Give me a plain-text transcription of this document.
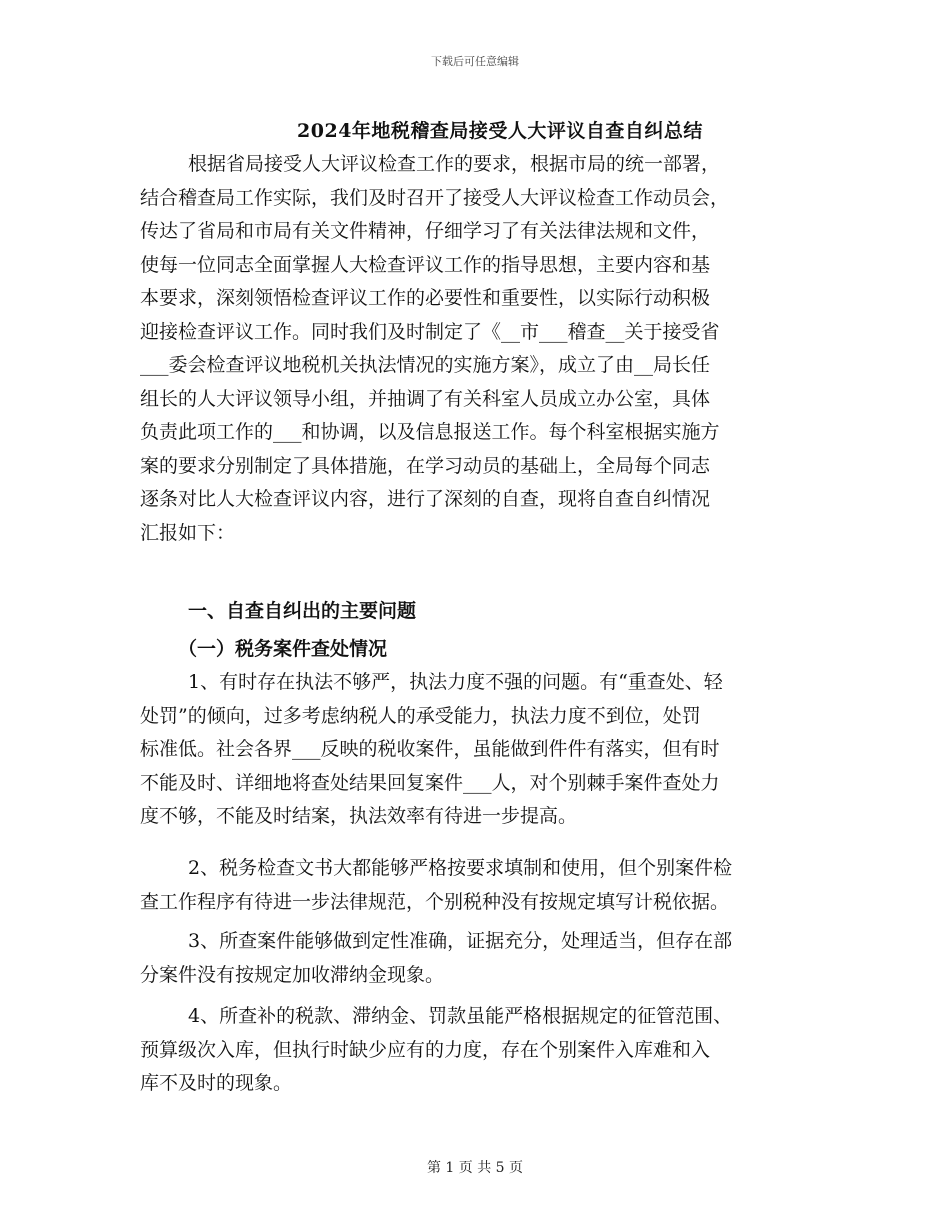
下载后可任意编辑
2024年地税稽查局接受人大评议自查自纠总结
根据省局接受人大评议检查工作的要求，根据市局的统一部署，
结合稽查局工作实际，我们及时召开了接受人大评议检查工作动员会，
传达了省局和市局有关文件精神，仔细学习了有关法律法规和文件，
使每一位同志全面掌握人大检查评议工作的指导思想，主要内容和基
本要求，深刻领悟检查评议工作的必要性和重要性，以实际行动积极
迎接检查评议工作。同时我们及时制定了《__市___稽查__关于接受省
___委会检查评议地税机关执法情况的实施方案》，成立了由__局长任
组长的人大评议领导小组，并抽调了有关科室人员成立办公室，具体
负责此项工作的___和协调，以及信息报送工作。每个科室根据实施方
案的要求分别制定了具体措施，在学习动员的基础上，全局每个同志
逐条对比人大检查评议内容，进行了深刻的自查，现将自查自纠情况
汇报如下：
一、自查自纠出的主要问题
（一）税务案件查处情况
1、有时存在执法不够严，执法力度不强的问题。有“重查处、轻
处罚”的倾向，过多考虑纳税人的承受能力，执法力度不到位，处罚
标准低。社会各界___反映的税收案件，虽能做到件件有落实，但有时
不能及时、详细地将查处结果回复案件___人，对个别棘手案件查处力
度不够，不能及时结案，执法效率有待进一步提高。
2、税务检查文书大都能够严格按要求填制和使用，但个别案件检
查工作程序有待进一步法律规范，个别税种没有按规定填写计税依据。
3、所查案件能够做到定性准确，证据充分，处理适当，但存在部
分案件没有按规定加收滞纳金现象。
4、所查补的税款、滞纳金、罚款虽能严格根据规定的征管范围、
预算级次入库，但执行时缺少应有的力度，存在个别案件入库难和入
库不及时的现象。
第 1 页 共 5 页
